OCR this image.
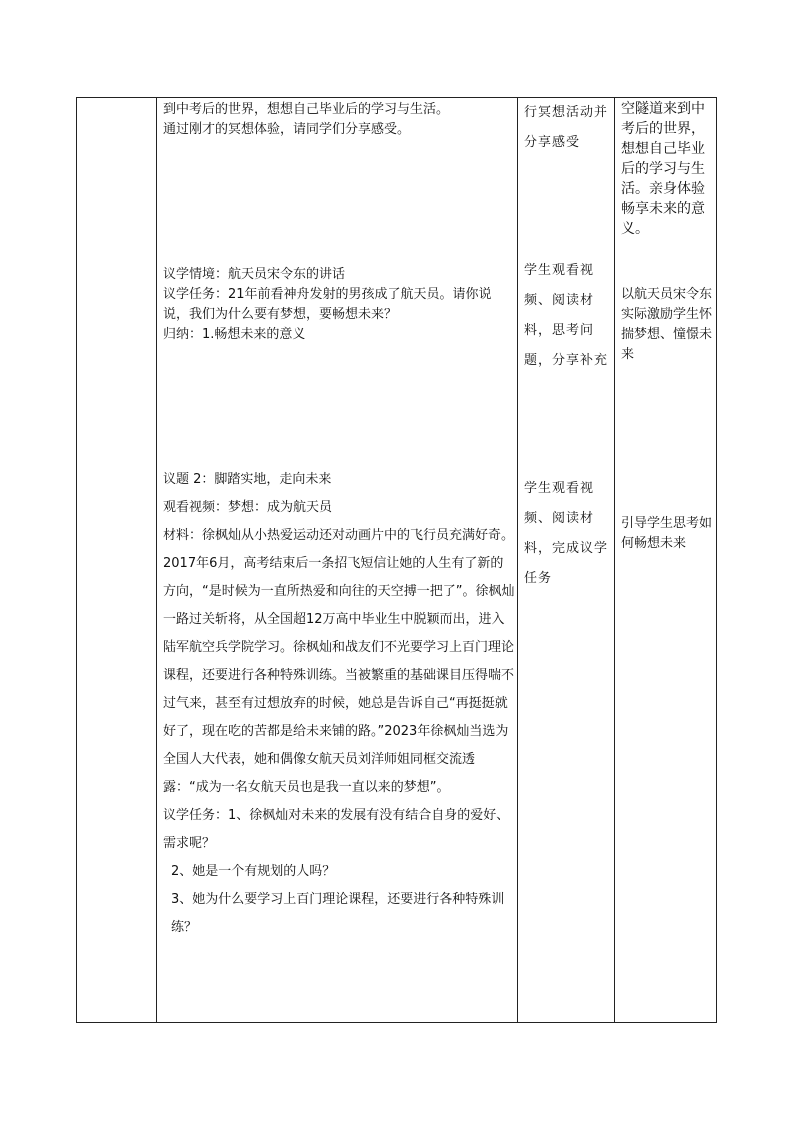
到中考后的世界，想想自己毕业后的学习与生活。

通过刚才的冥想体验，请同学们分享感受。

行冥想活动并分享感受
空隧道来到中考后的世界，想想自己毕业后的学习与生活。亲身体验畅享未来的意义。

议学情境：航天员宋令东的讲话

议学任务：21年前看神舟发射的男孩成了航天员。请你说说，我们为什么要有梦想，要畅想未来？

归纳：1.畅想未来的意义

学生观看视频、阅读材料，思考问题，分享补充
以航天员宋令东实际激励学生怀揣梦想、憧憬未来

议题 2：脚踏实地，走向未来

观看视频：梦想：成为航天员

材料：徐枫灿从小热爱运动还对动画片中的飞行员充满好奇。2017年6月，高考结束后一条招飞短信让她的人生有了新的方向，“是时候为一直所热爱和向往的天空搏一把了”。徐枫灿一路过关斩将，从全国超12万高中毕业生中脱颖而出，进入陆军航空兵学院学习。徐枫灿和战友们不光要学习上百门理论课程，还要进行各种特殊训练。当被繁重的基础课目压得喘不过气来，甚至有过想放弃的时候，她总是告诉自己“再挺挺就好了，现在吃的苦都是给未来铺的路。”2023年徐枫灿当选为全国人大代表，她和偶像女航天员刘洋师姐同框交流透露：“成为一名女航天员也是我一直以来的梦想”。

议学任务：1、徐枫灿对未来的发展有没有结合自身的爱好、需求呢？

2、她是一个有规划的人吗？

3、她为什么要学习上百门理论课程，还要进行各种特殊训练？

学生观看视频、阅读材料，完成议学任务
引导学生思考如何畅想未来
